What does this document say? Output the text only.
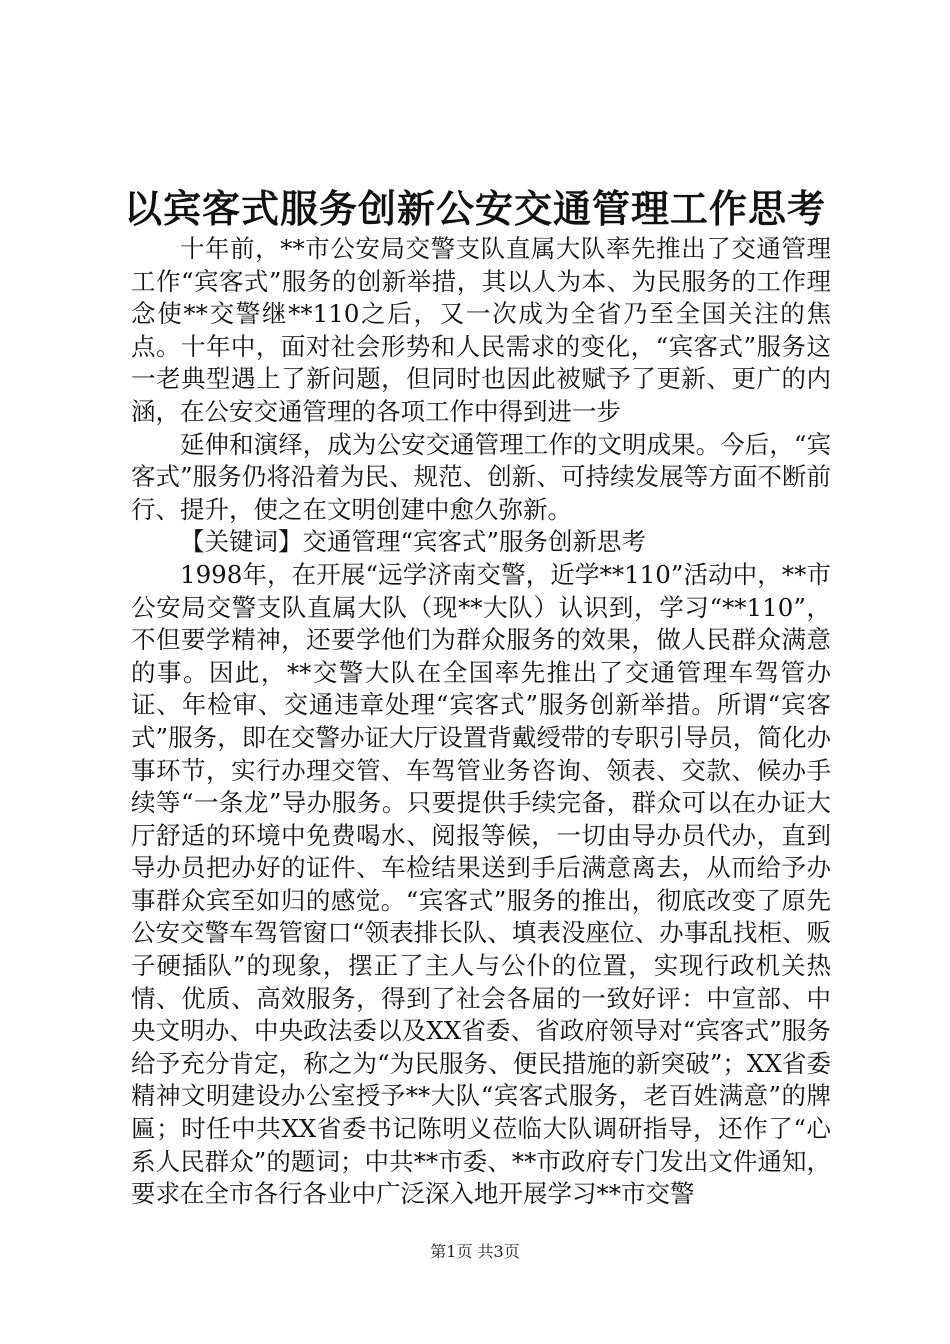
以宾客式服务创新公安交通管理工作思考

十年前，**市公安局交警支队直属大队率先推出了交通管理工作“宾客式”服务的创新举措，其以人为本、为民服务的工作理念使**交警继**110之后，又一次成为全省乃至全国关注的焦点。十年中，面对社会形势和人民需求的变化，“宾客式”服务这一老典型遇上了新问题，但同时也因此被赋予了更新、更广的内涵，在公安交通管理的各项工作中得到进一步

延伸和演绎，成为公安交通管理工作的文明成果。今后，“宾客式”服务仍将沿着为民、规范、创新、可持续发展等方面不断前行、提升，使之在文明创建中愈久弥新。

【关键词】交通管理“宾客式”服务创新思考

1998年，在开展“远学济南交警，近学**110”活动中，**市公安局交警支队直属大队（现**大队）认识到，学习“**110”，不但要学精神，还要学他们为群众服务的效果，做人民群众满意的事。因此，**交警大队在全国率先推出了交通管理车驾管办证、年检审、交通违章处理“宾客式”服务创新举措。所谓“宾客式”服务，即在交警办证大厅设置背戴绶带的专职引导员，简化办事环节，实行办理交管、车驾管业务咨询、领表、交款、候办手续等“一条龙”导办服务。只要提供手续完备，群众可以在办证大厅舒适的环境中免费喝水、阅报等候，一切由导办员代办，直到导办员把办好的证件、车检结果送到手后满意离去，从而给予办事群众宾至如归的感觉。“宾客式”服务的推出，彻底改变了原先公安交警车驾管窗口“领表排长队、填表没座位、办事乱找柜、贩子硬插队”的现象，摆正了主人与公仆的位置，实现行政机关热情、优质、高效服务，得到了社会各届的一致好评：中宣部、中央文明办、中央政法委以及XX省委、省政府领导对“宾客式”服务给予充分肯定，称之为“为民服务、便民措施的新突破”；XX省委精神文明建设办公室授予**大队“宾客式服务，老百姓满意”的牌匾；时任中共XX省委书记陈明义莅临大队调研指导，还作了“心系人民群众”的题词；中共**市委、**市政府专门发出文件通知，要求在全市各行各业中广泛深入地开展学习**市交警

第1页 共3页
